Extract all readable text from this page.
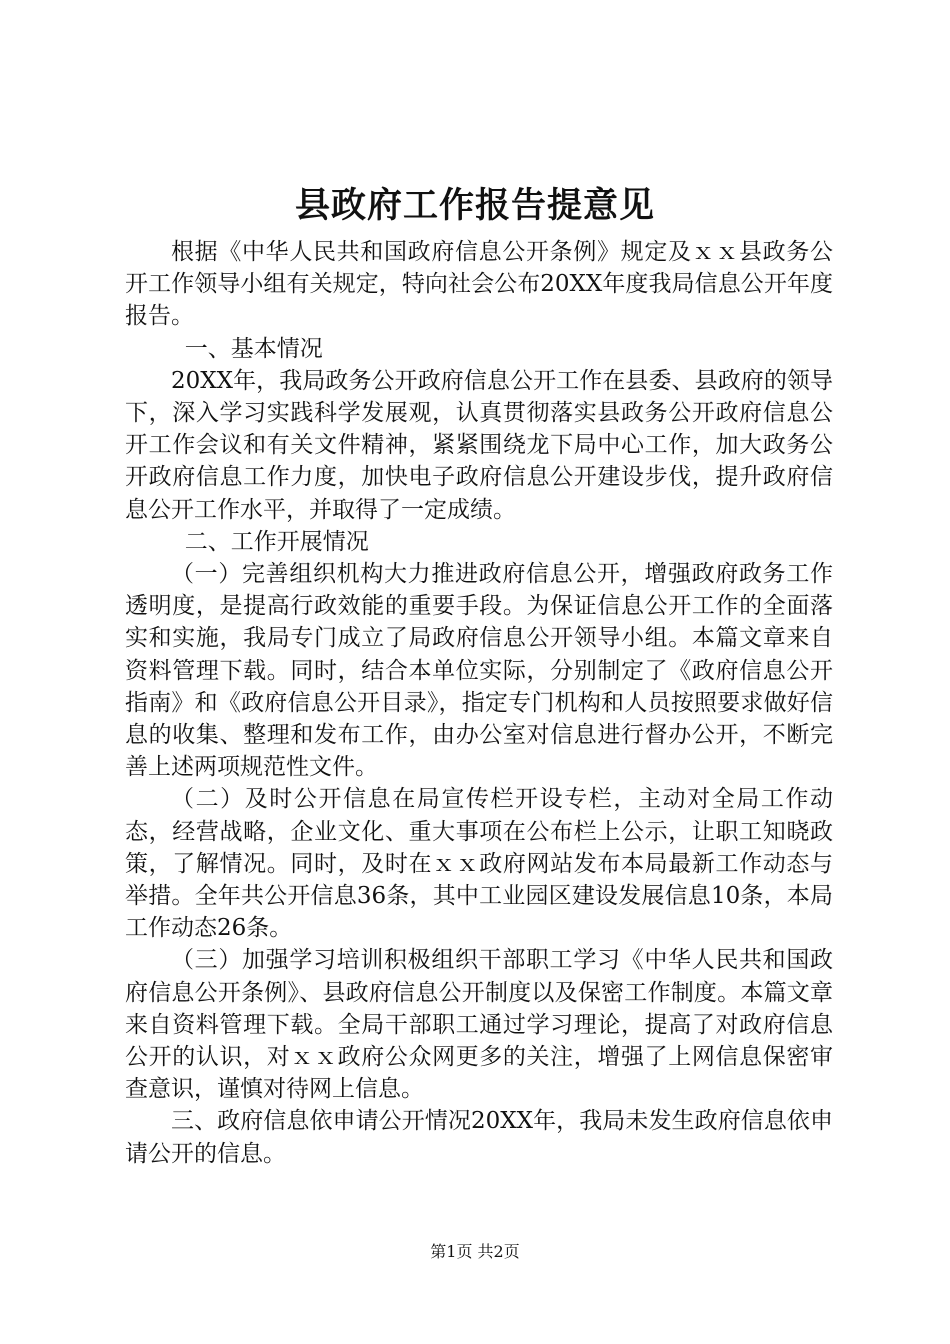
县政府工作报告提意见

根据《中华人民共和国政府信息公开条例》规定及ｘｘ县政务公开工作领导小组有关规定，特向社会公布20XX年度我局信息公开年度报告。

一、基本情况

20XX年，我局政务公开政府信息公开工作在县委、县政府的领导下，深入学习实践科学发展观，认真贯彻落实县政务公开政府信息公开工作会议和有关文件精神，紧紧围绕龙下局中心工作，加大政务公开政府信息工作力度，加快电子政府信息公开建设步伐，提升政府信息公开工作水平，并取得了一定成绩。

二、工作开展情况

（一）完善组织机构大力推进政府信息公开，增强政府政务工作透明度，是提高行政效能的重要手段。为保证信息公开工作的全面落实和实施，我局专门成立了局政府信息公开领导小组。本篇文章来自资料管理下载。同时，结合本单位实际，分别制定了《政府信息公开指南》和《政府信息公开目录》，指定专门机构和人员按照要求做好信息的收集、整理和发布工作，由办公室对信息进行督办公开，不断完善上述两项规范性文件。

（二）及时公开信息在局宣传栏开设专栏，主动对全局工作动态，经营战略，企业文化、重大事项在公布栏上公示，让职工知晓政策，了解情况。同时，及时在ｘｘ政府网站发布本局最新工作动态与举措。全年共公开信息36条，其中工业园区建设发展信息10条，本局工作动态26条。

（三）加强学习培训积极组织干部职工学习《中华人民共和国政府信息公开条例》、县政府信息公开制度以及保密工作制度。本篇文章来自资料管理下载。全局干部职工通过学习理论，提高了对政府信息公开的认识，对ｘｘ政府公众网更多的关注，增强了上网信息保密审查意识，谨慎对待网上信息。

三、政府信息依申请公开情况20XX年，我局未发生政府信息依申请公开的信息。

第1页 共2页
